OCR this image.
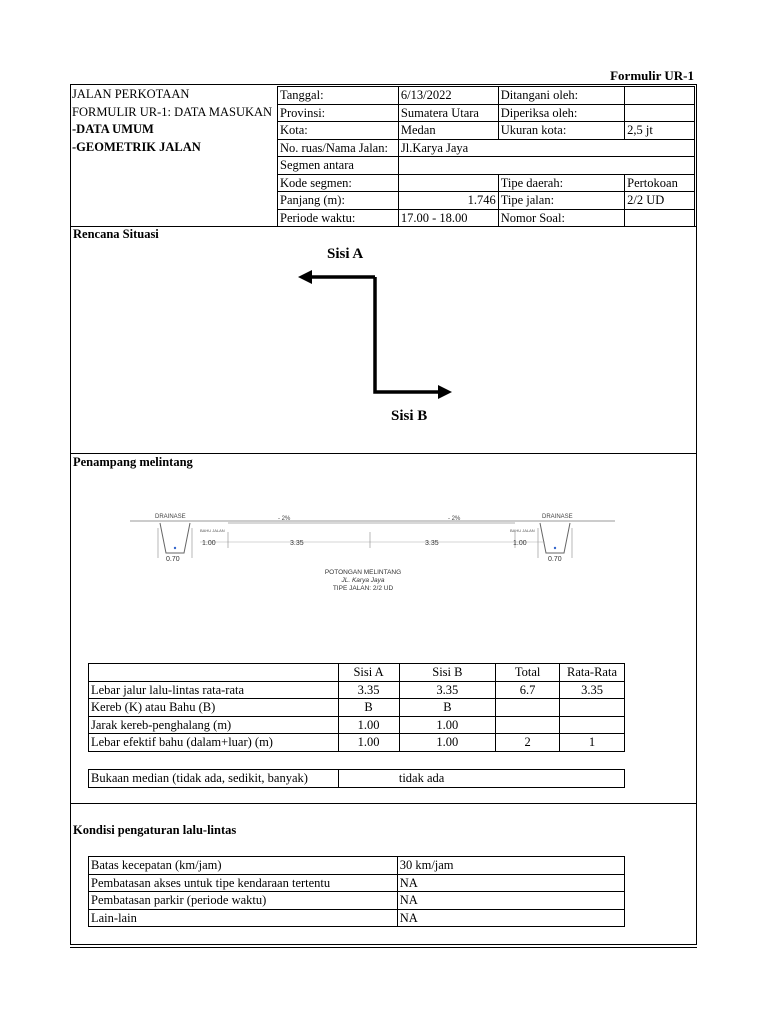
Formulir UR-1
JALAN PERKOTAAN
FORMULIR UR-1: DATA MASUKAN
-DATA UMUM
-GEOMETRIK JALAN
Tanggal:	6/13/2022	Ditangani oleh:	
Provinsi:	Sumatera Utara	Diperiksa oleh:	
Kota:	Medan	Ukuran kota:	2,5 jt
No. ruas/Nama Jalan:	Jl.Karya Jaya		
Segmen antara			
Kode segmen:		Tipe daerah:	Pertokoan
Panjang (m):	1.746	Tipe jalan:	2/2 UD
Periode waktu:	17.00 - 18.00	Nomor Soal:	
Rencana Situasi
Sisi A
Sisi B
Penampang melintang
DRAINASE	DRAINASE
BAHU JALAN	BAHU JALAN
- 2%	- 2%
1.00	3.35	3.35	1.00
0.70	0.70
POTONGAN MELINTANG
JL. Karya Jaya
TIPE JALAN: 2/2 UD
	Sisi A	Sisi B	Total	Rata-Rata
Lebar jalur lalu-lintas rata-rata	3.35	3.35	6.7	3.35
Kereb (K) atau Bahu (B)	B	B		
Jarak kereb-penghalang (m)	1.00	1.00		
Lebar efektif bahu (dalam+luar) (m)	1.00	1.00	2	1
Bukaan median (tidak ada, sedikit, banyak)	tidak ada
Kondisi pengaturan lalu-lintas
Batas kecepatan (km/jam)	30 km/jam
Pembatasan akses untuk tipe kendaraan tertentu	NA
Pembatasan parkir (periode waktu)	NA
Lain-lain	NA
